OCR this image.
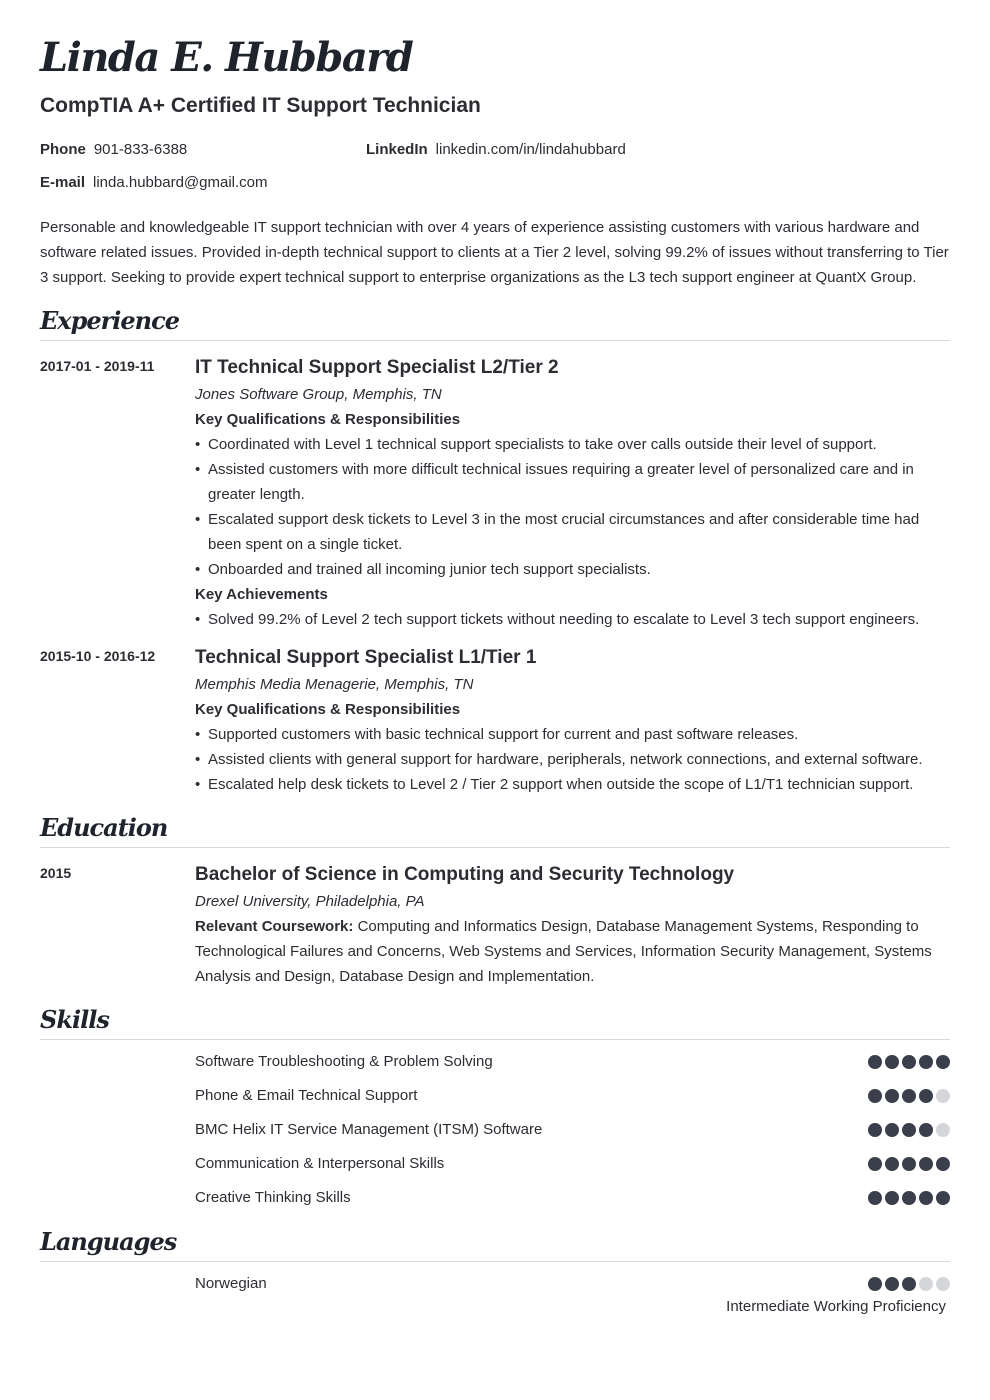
Linda E. Hubbard
CompTIA A+ Certified IT Support Technician
Phone 901-833-6388	LinkedIn linkedin.com/in/lindahubbard
E-mail linda.hubbard@gmail.com

Personable and knowledgeable IT support technician with over 4 years of experience assisting customers with various hardware and software related issues. Provided in-depth technical support to clients at a Tier 2 level, solving 99.2% of issues without transferring to Tier 3 support. Seeking to provide expert technical support to enterprise organizations as the L3 tech support engineer at QuantX Group.

Experience
2017-01 - 2019-11 IT Technical Support Specialist L2/Tier 2
Jones Software Group, Memphis, TN
Key Qualifications & Responsibilities
• Coordinated with Level 1 technical support specialists to take over calls outside their level of support.
• Assisted customers with more difficult technical issues requiring a greater level of personalized care and in greater length.
• Escalated support desk tickets to Level 3 in the most crucial circumstances and after considerable time had been spent on a single ticket.
• Onboarded and trained all incoming junior tech support specialists.
Key Achievements
• Solved 99.2% of Level 2 tech support tickets without needing to escalate to Level 3 tech support engineers.
2015-10 - 2016-12 Technical Support Specialist L1/Tier 1
Memphis Media Menagerie, Memphis, TN
Key Qualifications & Responsibilities
• Supported customers with basic technical support for current and past software releases.
• Assisted clients with general support for hardware, peripherals, network connections, and external software.
• Escalated help desk tickets to Level 2 / Tier 2 support when outside the scope of L1/T1 technician support.
Education
2015	Bachelor of Science in Computing and Security Technology
Drexel University, Philadelphia, PA
Relevant Coursework: Computing and Informatics Design, Database Management Systems, Responding to Technological Failures and Concerns, Web Systems and Services, Information Security Management, Systems Analysis and Design, Database Design and Implementation.
Skills
Software Troubleshooting & Problem Solving
Phone & Email Technical Support
BMC Helix IT Service Management (ITSM) Software
Communication & Interpersonal Skills
Creative Thinking Skills
Languages
Norwegian
Intermediate Working Proficiency
